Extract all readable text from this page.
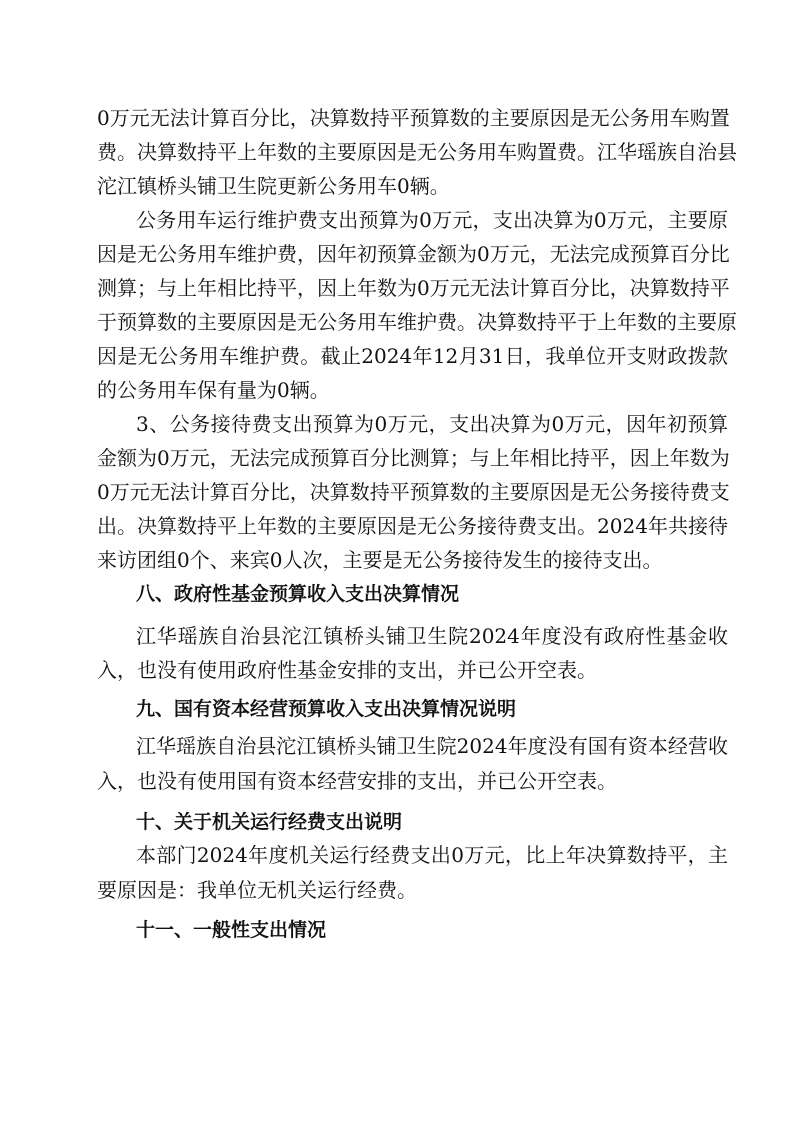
0万元无法计算百分比，决算数持平预算数的主要原因是无公务用车购置
费。决算数持平上年数的主要原因是无公务用车购置费。江华瑶族自治县
沱江镇桥头铺卫生院更新公务用车0辆。
公务用车运行维护费支出预算为0万元，支出决算为0万元，主要原
因是无公务用车维护费，因年初预算金额为0万元，无法完成预算百分比
测算；与上年相比持平，因上年数为0万元无法计算百分比，决算数持平
于预算数的主要原因是无公务用车维护费。决算数持平于上年数的主要原
因是无公务用车维护费。截止2024年12月31日，我单位开支财政拨款
的公务用车保有量为0辆。
3、公务接待费支出预算为0万元，支出决算为0万元，因年初预算
金额为0万元，无法完成预算百分比测算；与上年相比持平，因上年数为
0万元无法计算百分比，决算数持平预算数的主要原因是无公务接待费支
出。决算数持平上年数的主要原因是无公务接待费支出。2024年共接待
来访团组0个、来宾0人次，主要是无公务接待发生的接待支出。
八、政府性基金预算收入支出决算情况
江华瑶族自治县沱江镇桥头铺卫生院2024年度没有政府性基金收
入，也没有使用政府性基金安排的支出，并已公开空表。
九、国有资本经营预算收入支出决算情况说明
江华瑶族自治县沱江镇桥头铺卫生院2024年度没有国有资本经营收
入，也没有使用国有资本经营安排的支出，并已公开空表。
十、关于机关运行经费支出说明
本部门2024年度机关运行经费支出0万元，比上年决算数持平，主
要原因是：我单位无机关运行经费。
十一、一般性支出情况
